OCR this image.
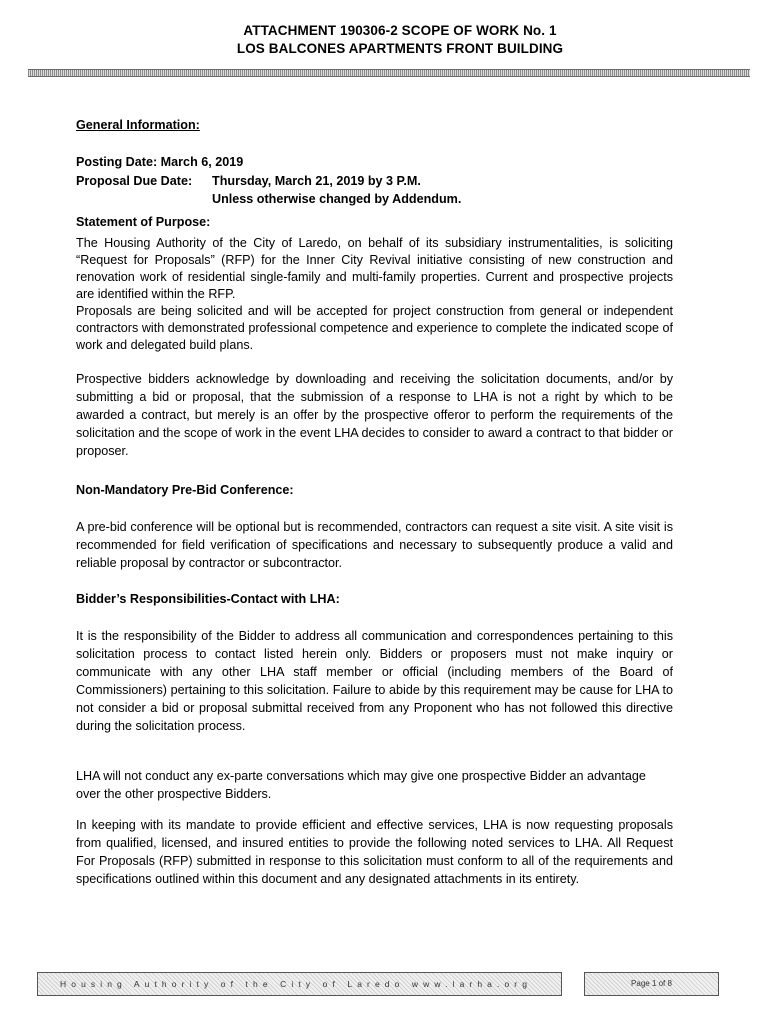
ATTACHMENT 190306-2 SCOPE OF WORK No. 1
LOS BALCONES APARTMENTS FRONT BUILDING
General Information:
Posting Date: March 6, 2019
Proposal Due Date: Thursday, March 21, 2019 by 3 P.M.
Unless otherwise changed by Addendum.
Statement of Purpose:
The Housing Authority of the City of Laredo, on behalf of its subsidiary instrumentalities, is soliciting “Request for Proposals” (RFP) for the Inner City Revival initiative consisting of new construction and renovation work of residential single-family and multi-family properties. Current and prospective projects are identified within the RFP.
Proposals are being solicited and will be accepted for project construction from general or independent contractors with demonstrated professional competence and experience to complete the indicated scope of work and delegated build plans.
Prospective bidders acknowledge by downloading and receiving the solicitation documents, and/or by submitting a bid or proposal, that the submission of a response to LHA is not a right by which to be awarded a contract, but merely is an offer by the prospective offeror to perform the requirements of the solicitation and the scope of work in the event LHA decides to consider to award a contract to that bidder or proposer.
Non-Mandatory Pre-Bid Conference:
A pre-bid conference will be optional but is recommended, contractors can request a site visit. A site visit is recommended for field verification of specifications and necessary to subsequently produce a valid and reliable proposal by contractor or subcontractor.
Bidder’s Responsibilities-Contact with LHA:
It is the responsibility of the Bidder to address all communication and correspondences pertaining to this solicitation process to contact listed herein only. Bidders or proposers must not make inquiry or communicate with any other LHA staff member or official (including members of the Board of Commissioners) pertaining to this solicitation. Failure to abide by this requirement may be cause for LHA to not consider a bid or proposal submittal received from any Proponent who has not followed this directive during the solicitation process.
LHA will not conduct any ex-parte conversations which may give one prospective Bidder an advantage over the other prospective Bidders.
In keeping with its mandate to provide efficient and effective services, LHA is now requesting proposals from qualified, licensed, and insured entities to provide the following noted services to LHA. All Request For Proposals (RFP) submitted in response to this solicitation must conform to all of the requirements and specifications outlined within this document and any designated attachments in its entirety.
Housing Authority of the City of Laredo www.larha.org	Page 1 of 8
